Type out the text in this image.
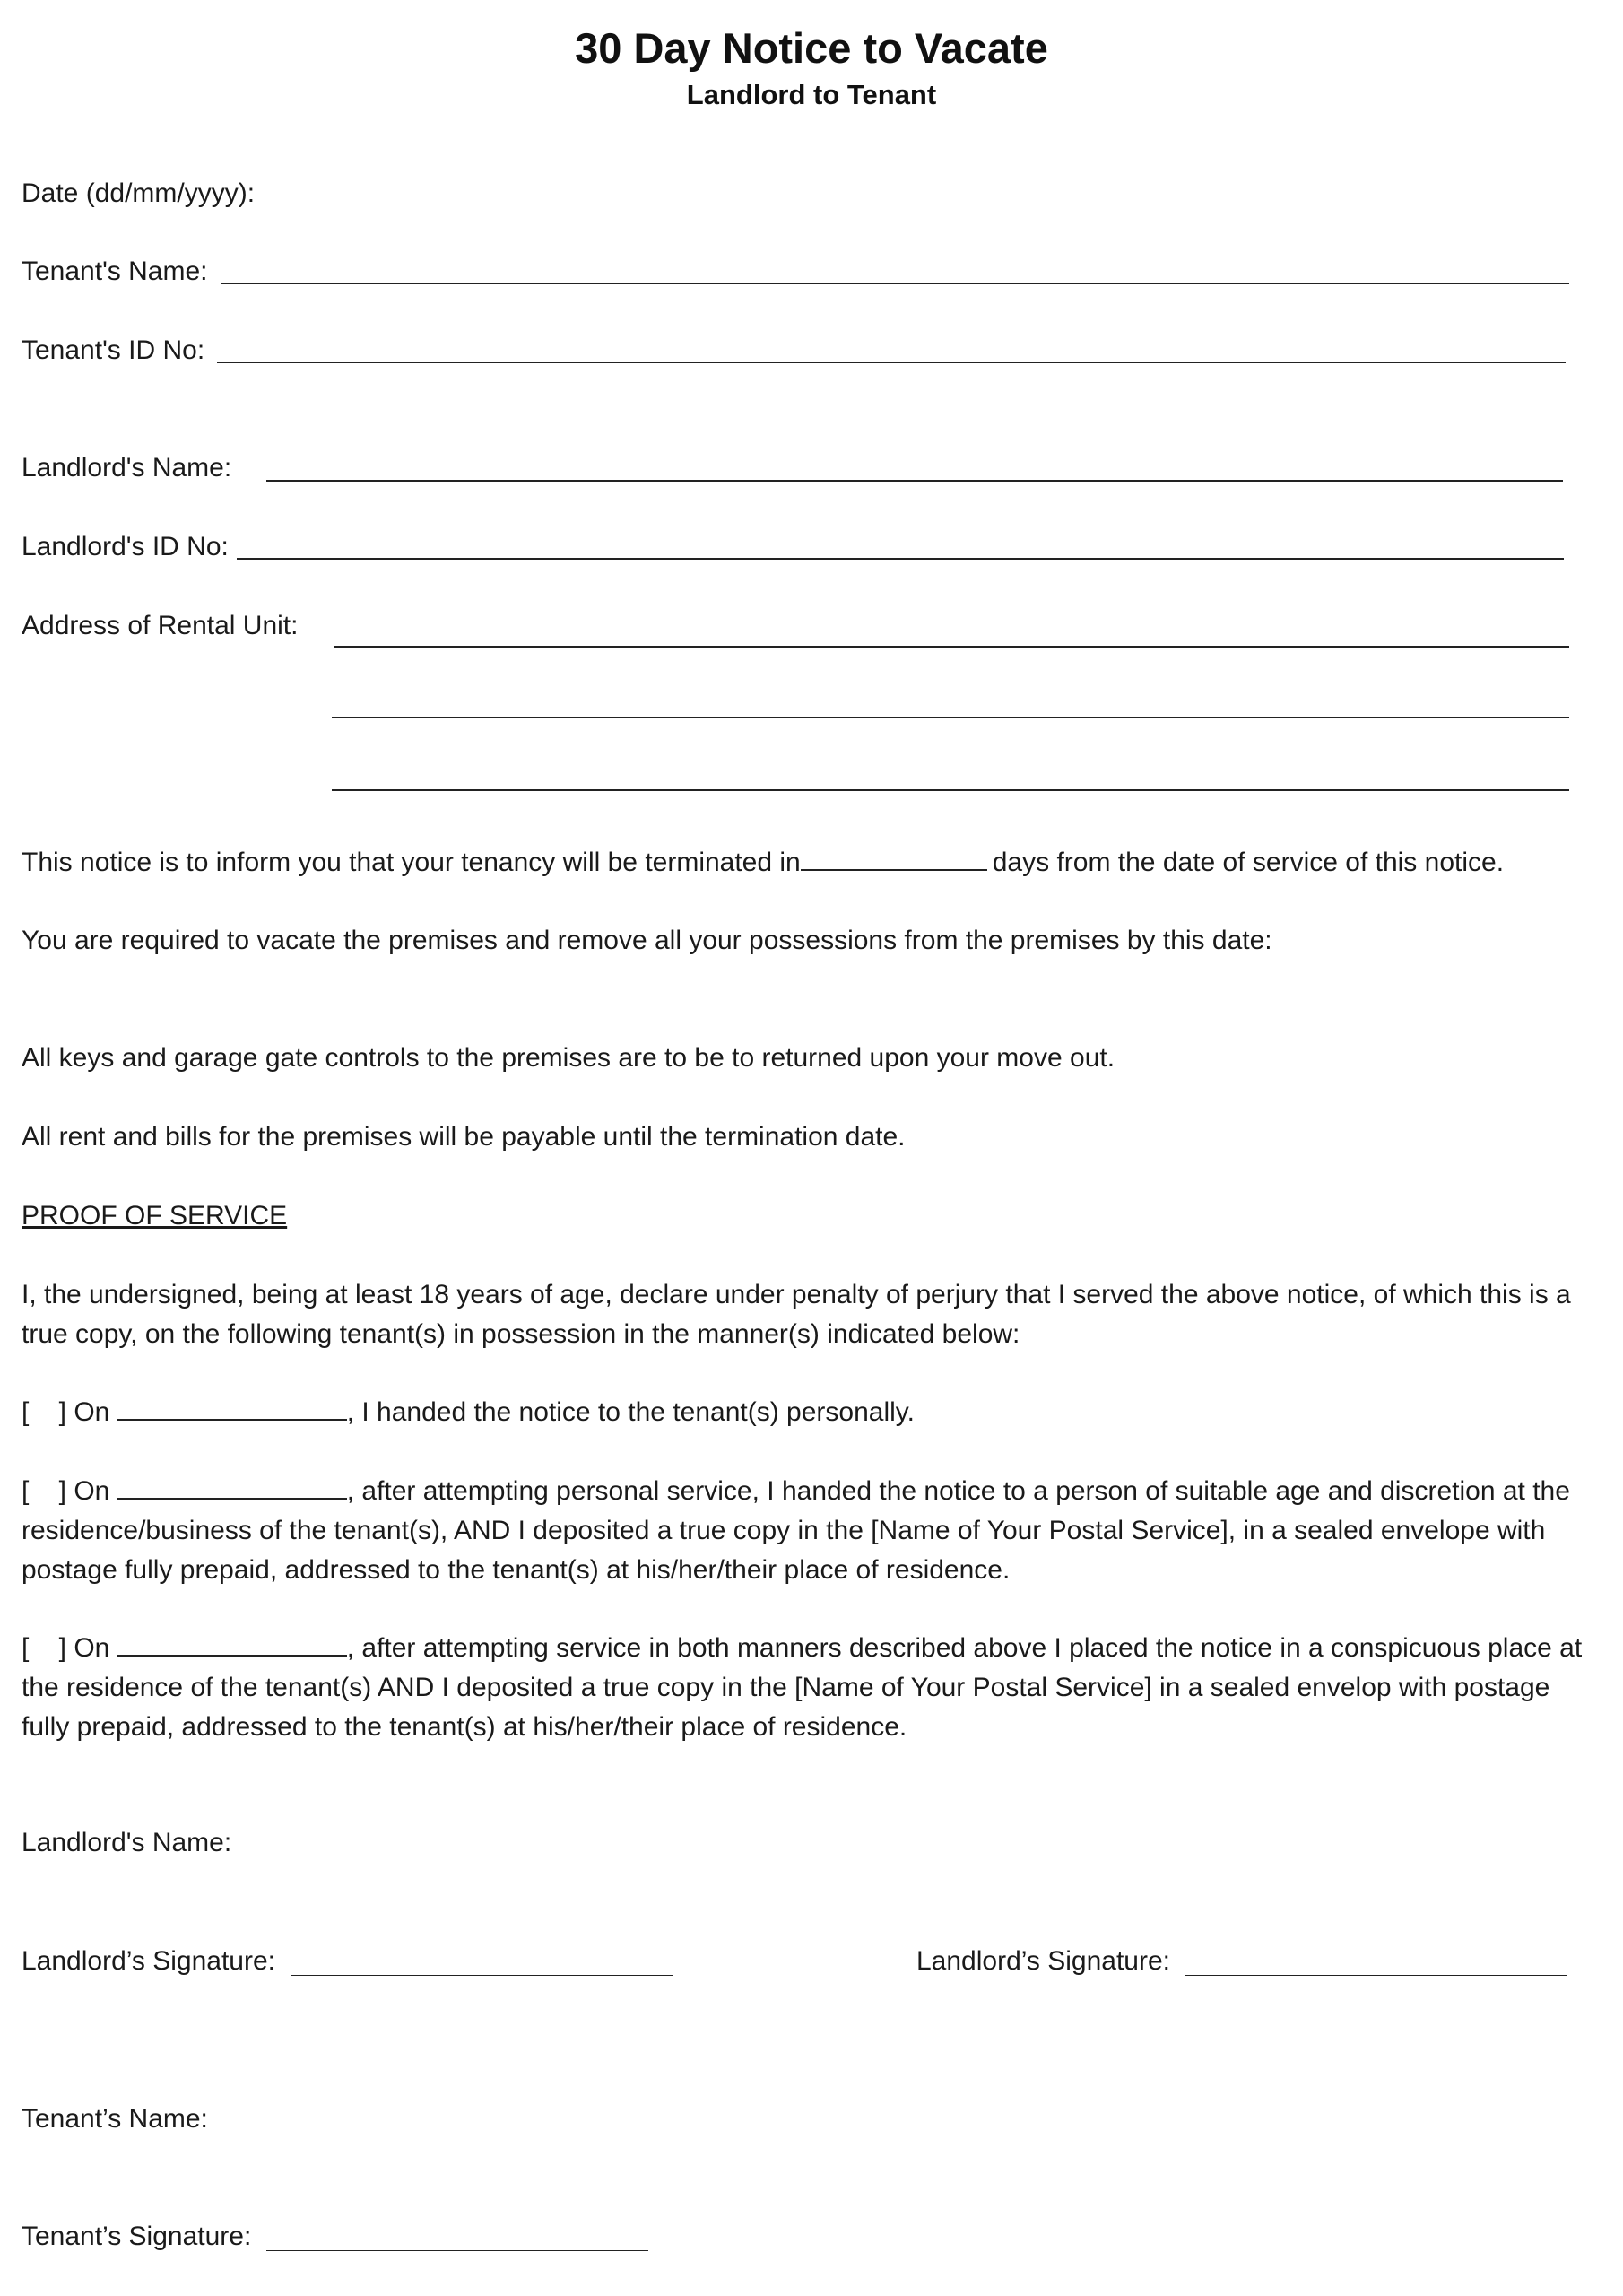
30 Day Notice to Vacate
Landlord to Tenant
Date (dd/mm/yyyy):
Tenant's Name:
Tenant's ID No:
Landlord's Name:
Landlord's ID No:
Address of Rental Unit:
This notice is to inform you that your tenancy will be terminated in	days from the date of service of this notice.
You are required to vacate the premises and remove all your possessions from the premises by this date:
All keys and garage gate controls to the premises are to be to returned upon your move out.
All rent and bills for the premises will be payable until the termination date.
PROOF OF SERVICE
I, the undersigned, being at least 18 years of age, declare under penalty of perjury that I served the above notice, of which this is a true copy, on the following tenant(s) in possession in the manner(s) indicated below:
[    ] On	, I handed the notice to the tenant(s) personally.
[    ] On	, after attempting personal service, I handed the notice to a person of suitable age and discretion at the residence/business of the tenant(s), AND I deposited a true copy in the [Name of Your Postal Service], in a sealed envelope with postage fully prepaid, addressed to the tenant(s) at his/her/their place of residence.
[    ] On	, after attempting service in both manners described above I placed the notice in a conspicuous place at the residence of the tenant(s) AND I deposited a true copy in the [Name of Your Postal Service] in a sealed envelop with postage fully prepaid, addressed to the tenant(s) at his/her/their place of residence.
Landlord's Name:
Landlord’s Signature:	Landlord’s Signature:
Tenant’s Name:
Tenant’s Signature:
